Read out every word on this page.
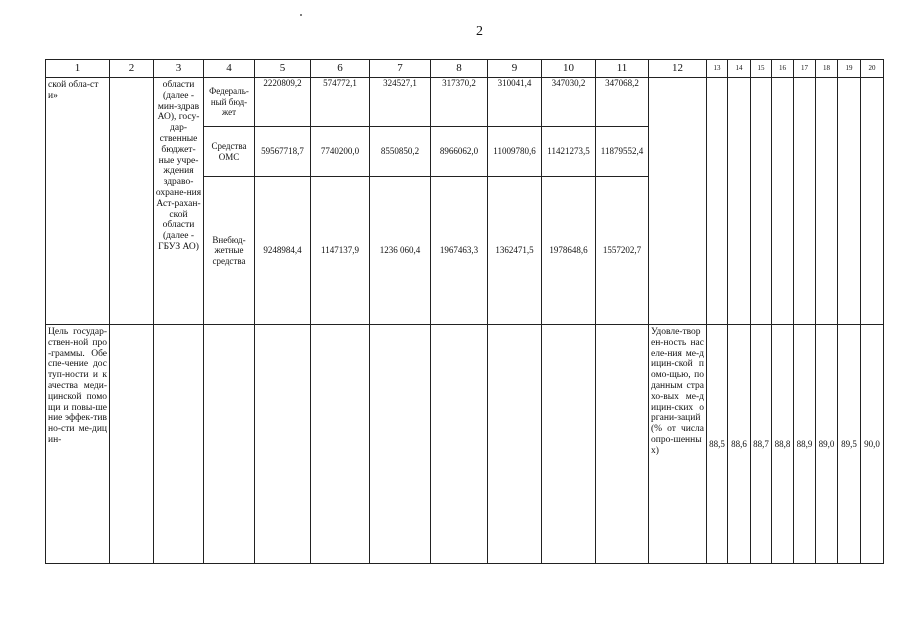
2
1	2	3	4	5	6	7	8	9	10	11	12	13	14	15	16	17	18	19	20

ской обла-сти»		области (далее - мин-здрав АО), госу-дар-ственные бюджет-ные учре-ждения здраво-охране-ния Аст-рахан-ской области (далее - ГБУЗ АО)	Федераль-ный бюд-жет	2220809,2	574772,1	324527,1	317370,2	310041,4	347030,2	347068,2									
			Средства ОМС	59567718,7	7740200,0	8550850,2	8966062,0	11009780,6	11421273,5	11879552,4									
			Внебюд-жетные средства	9248984,4	1147137,9	1236 060,4	1967463,3	1362471,5	1978648,6	1557202,7									

Цель государ-ствен-ной про-граммы. Обеспе-чение доступ-ности и качества меди-цинской помощи и повы-шение эффек-тивно-сти ме-дицин-											Удовле-творен-ность населе-ния ме-дицин-ской помо-щью, по данным страхо-вых ме-дицин-ских органи-заций (% от числа опро-шенных)	88,5	88,6	88,7	88,8	88,9	89,0	89,5	90,0
